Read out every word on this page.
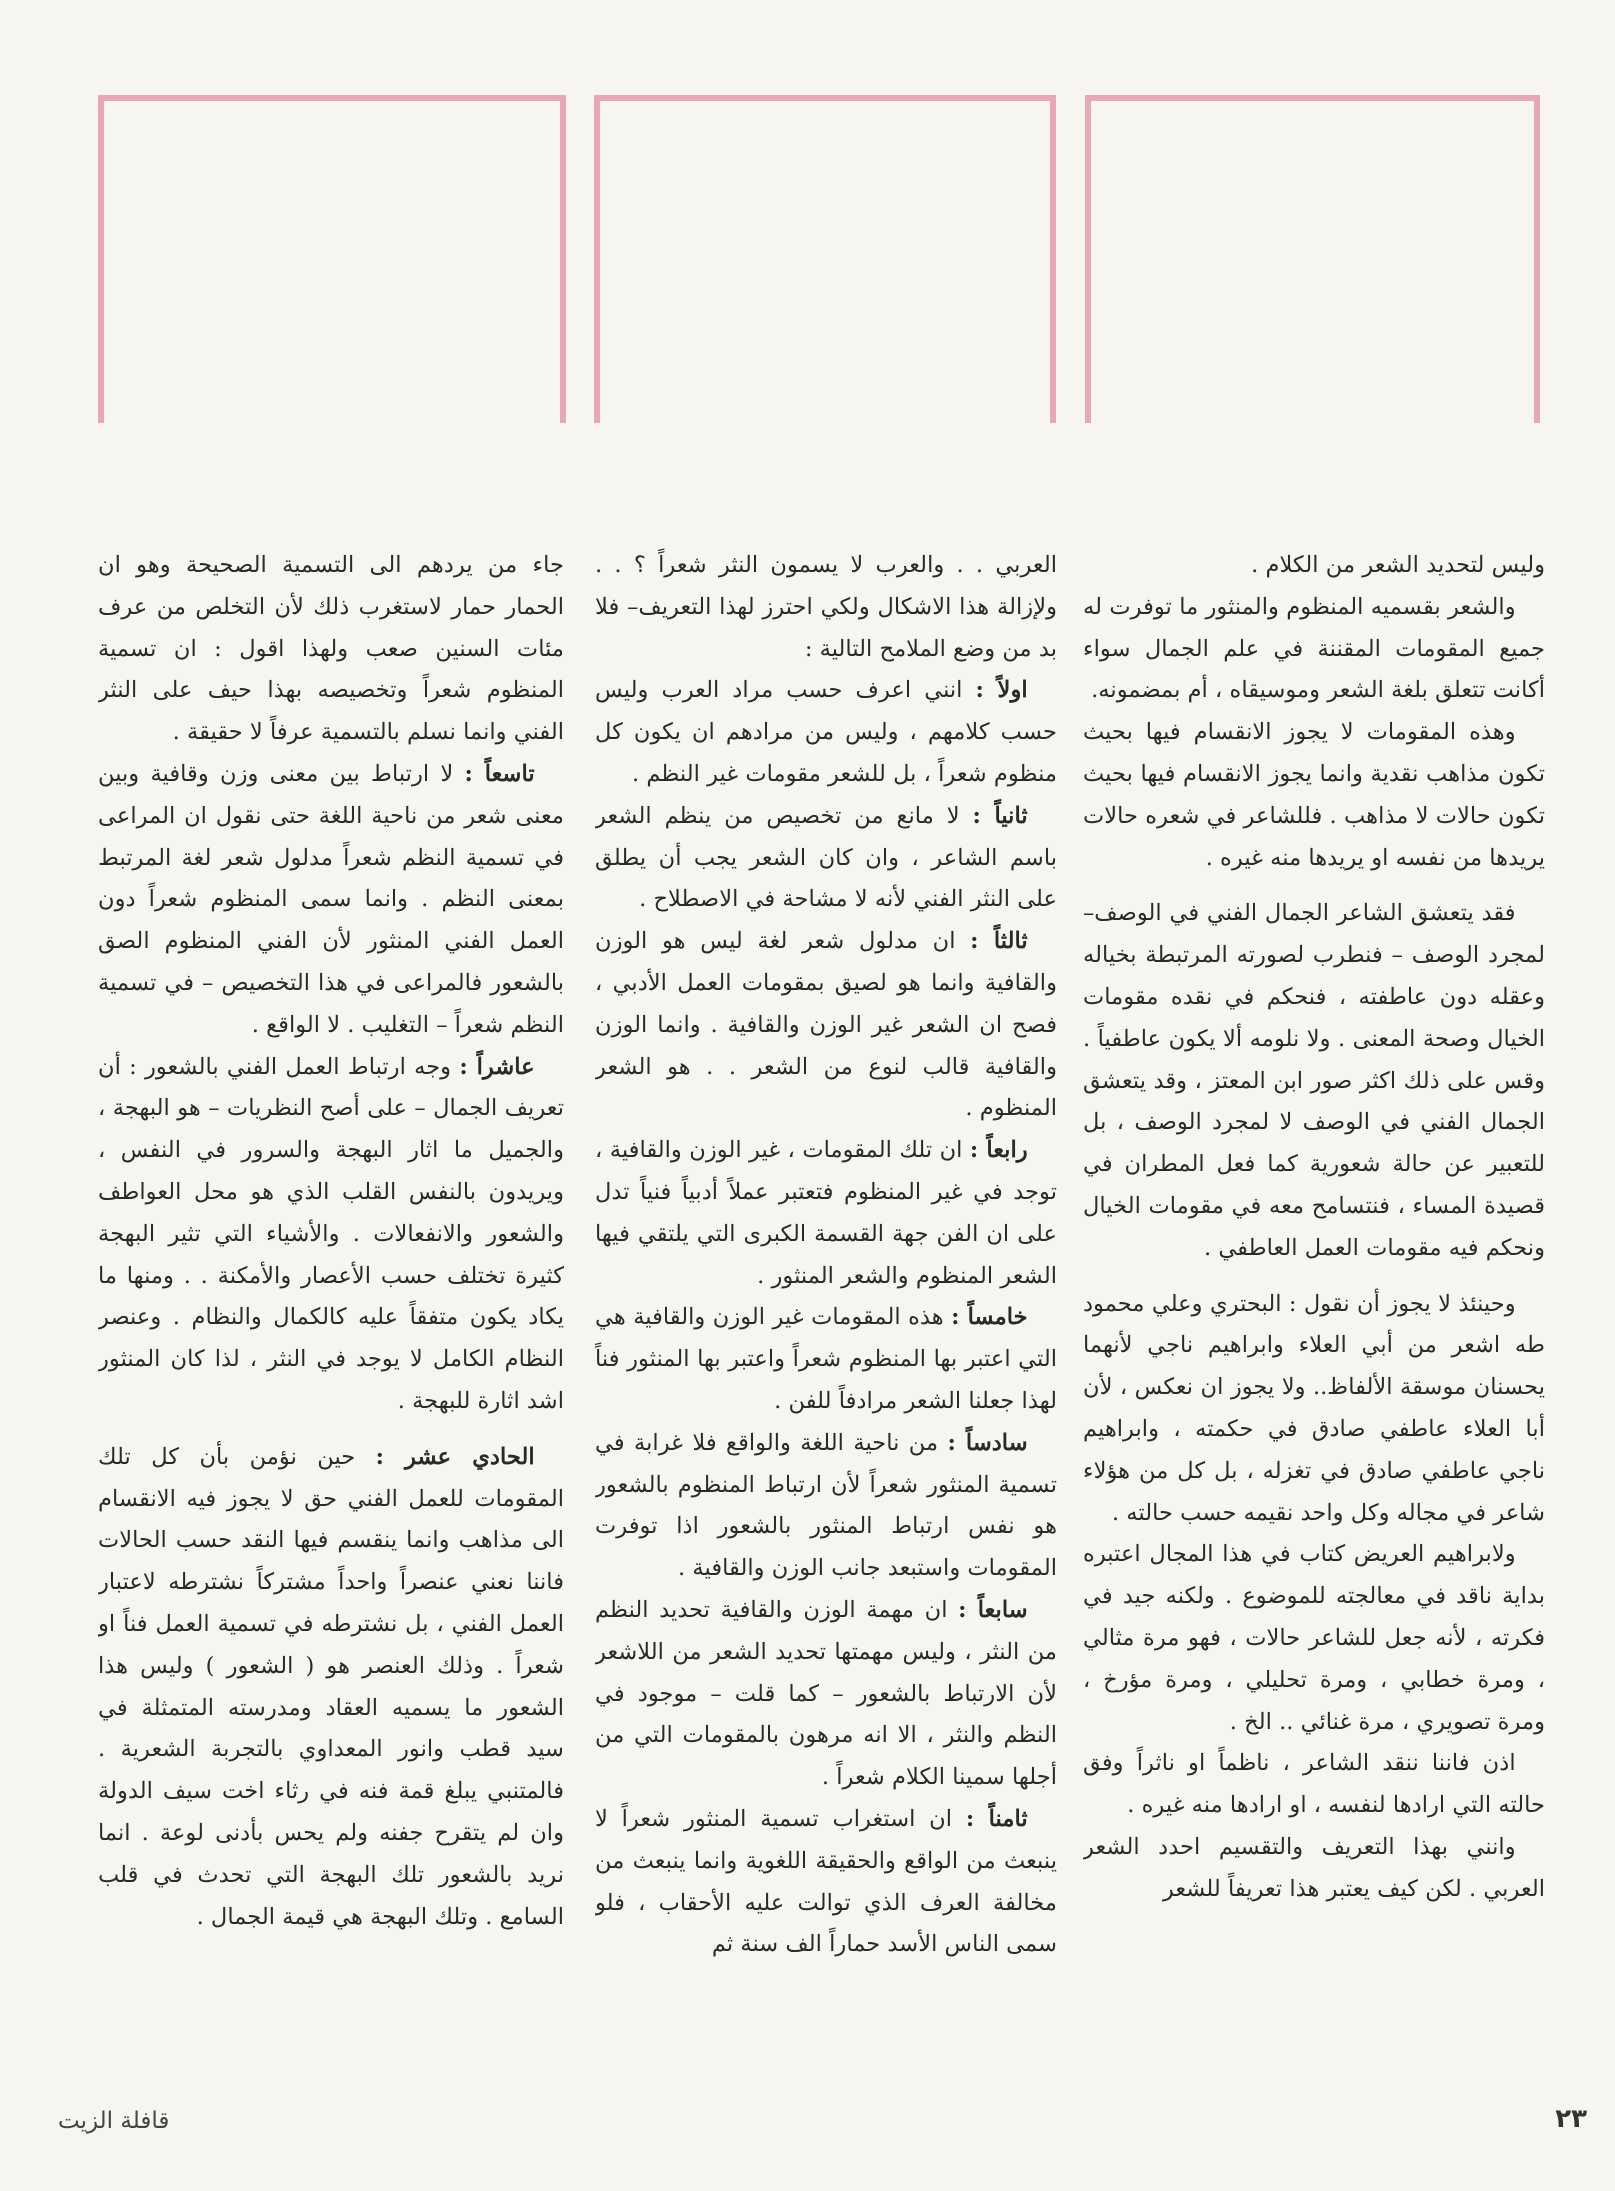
وليس لتحديد الشعر من الكلام .

والشعر بقسميه المنظوم والمنثور ما توفرت له جميع المقومات المقننة في علم الجمال سواء أكانت تتعلق بلغة الشعر وموسيقاه ، أم بمضمونه.

وهذه المقومات لا يجوز الانقسام فيها بحيث تكون مذاهب نقدية وانما يجوز الانقسام فيها بحيث تكون حالات لا مذاهب . فللشاعر في شعره حالات يريدها من نفسه او يريدها منه غيره .

فقد يتعشق الشاعر الجمال الفني في الوصف– لمجرد الوصف – فنطرب لصورته المرتبطة بخياله وعقله دون عاطفته ، فنحكم في نقده مقومات الخيال وصحة المعنى . ولا نلومه ألا يكون عاطفياً . وقس على ذلك اكثر صور ابن المعتز ، وقد يتعشق الجمال الفني في الوصف لا لمجرد الوصف ، بل للتعبير عن حالة شعورية كما فعل المطران في قصيدة المساء ، فنتسامح معه في مقومات الخيال ونحكم فيه مقومات العمل العاطفي .

وحينئذ لا يجوز أن نقول : البحتري وعلي محمود طه اشعر من أبي العلاء وابراهيم ناجي لأنهما يحسنان موسقة الألفاظ.. ولا يجوز ان نعكس ، لأن أبا العلاء عاطفي صادق في حكمته ، وابراهيم ناجي عاطفي صادق في تغزله ، بل كل من هؤلاء شاعر في مجاله وكل واحد نقيمه حسب حالته .

ولابراهيم العريض كتاب في هذا المجال اعتبره بداية ناقد في معالجته للموضوع . ولكنه جيد في فكرته ، لأنه جعل للشاعر حالات ، فهو مرة مثالي ، ومرة خطابي ، ومرة تحليلي ، ومرة مؤرخ ، ومرة تصويري ، مرة غنائي .. الخ .

اذن فاننا ننقد الشاعر ، ناظماً او ناثراً وفق حالته التي ارادها لنفسه ، او ارادها منه غيره .

وانني بهذا التعريف والتقسيم احدد الشعر العربي . لكن كيف يعتبر هذا تعريفاً للشعر

العربي . . والعرب لا يسمون النثر شعراً ؟ . . ولإزالة هذا الاشكال ولكي احترز لهذا التعريف– فلا بد من وضع الملامح التالية :

اولاً : انني اعرف حسب مراد العرب وليس حسب كلامهم ، وليس من مرادهم ان يكون كل منظوم شعراً ، بل للشعر مقومات غير النظم .

ثانياً : لا مانع من تخصيص من ينظم الشعر باسم الشاعر ، وان كان الشعر يجب أن يطلق على النثر الفني لأنه لا مشاحة في الاصطلاح .

ثالثاً : ان مدلول شعر لغة ليس هو الوزن والقافية وانما هو لصيق بمقومات العمل الأدبي ، فصح ان الشعر غير الوزن والقافية . وانما الوزن والقافية قالب لنوع من الشعر . . هو الشعر المنظوم .

رابعاً : ان تلك المقومات ، غير الوزن والقافية ، توجد في غير المنظوم فتعتبر عملاً أدبياً فنياً تدل على ان الفن جهة القسمة الكبرى التي يلتقي فيها الشعر المنظوم والشعر المنثور .

خامساً : هذه المقومات غير الوزن والقافية هي التي اعتبر بها المنظوم شعراً واعتبر بها المنثور فناً لهذا جعلنا الشعر مرادفاً للفن .

سادساً : من ناحية اللغة والواقع فلا غرابة في تسمية المنثور شعراً لأن ارتباط المنظوم بالشعور هو نفس ارتباط المنثور بالشعور اذا توفرت المقومات واستبعد جانب الوزن والقافية .

سابعاً : ان مهمة الوزن والقافية تحديد النظم من النثر ، وليس مهمتها تحديد الشعر من اللاشعر لأن الارتباط بالشعور – كما قلت – موجود في النظم والنثر ، الا انه مرهون بالمقومات التي من أجلها سمينا الكلام شعراً .

ثامناً : ان استغراب تسمية المنثور شعراً لا ينبعث من الواقع والحقيقة اللغوية وانما ينبعث من مخالفة العرف الذي توالت عليه الأحقاب ، فلو سمى الناس الأسد حماراً الف سنة ثم

جاء من يردهم الى التسمية الصحيحة وهو ان الحمار حمار لاستغرب ذلك لأن التخلص من عرف مئات السنين صعب ولهذا اقول : ان تسمية المنظوم شعراً وتخصيصه بهذا حيف على النثر الفني وانما نسلم بالتسمية عرفاً لا حقيقة .

تاسعاً : لا ارتباط بين معنى وزن وقافية وبين معنى شعر من ناحية اللغة حتى نقول ان المراعى في تسمية النظم شعراً مدلول شعر لغة المرتبط بمعنى النظم . وانما سمى المنظوم شعراً دون العمل الفني المنثور لأن الفني المنظوم الصق بالشعور فالمراعى في هذا التخصيص – في تسمية النظم شعراً – التغليب . لا الواقع .

عاشراً : وجه ارتباط العمل الفني بالشعور : أن تعريف الجمال – على أصح النظريات – هو البهجة ، والجميل ما اثار البهجة والسرور في النفس ، ويريدون بالنفس القلب الذي هو محل العواطف والشعور والانفعالات . والأشياء التي تثير البهجة كثيرة تختلف حسب الأعصار والأمكنة . . ومنها ما يكاد يكون متفقاً عليه كالكمال والنظام . وعنصر النظام الكامل لا يوجد في النثر ، لذا كان المنثور اشد اثارة للبهجة .

الحادي عشر : حين نؤمن بأن كل تلك المقومات للعمل الفني حق لا يجوز فيه الانقسام الى مذاهب وانما ينقسم فيها النقد حسب الحالات فاننا نعني عنصراً واحداً مشتركاً نشترطه لاعتبار العمل الفني ، بل نشترطه في تسمية العمل فناً او شعراً . وذلك العنصر هو ( الشعور ) وليس هذا الشعور ما يسميه العقاد ومدرسته المتمثلة في سيد قطب وانور المعداوي بالتجربة الشعرية . فالمتنبي يبلغ قمة فنه في رثاء اخت سيف الدولة وان لم يتقرح جفنه ولم يحس بأدنى لوعة . انما نريد بالشعور تلك البهجة التي تحدث في قلب السامع . وتلك البهجة هي قيمة الجمال .

٢٣
قافلة الزيت
